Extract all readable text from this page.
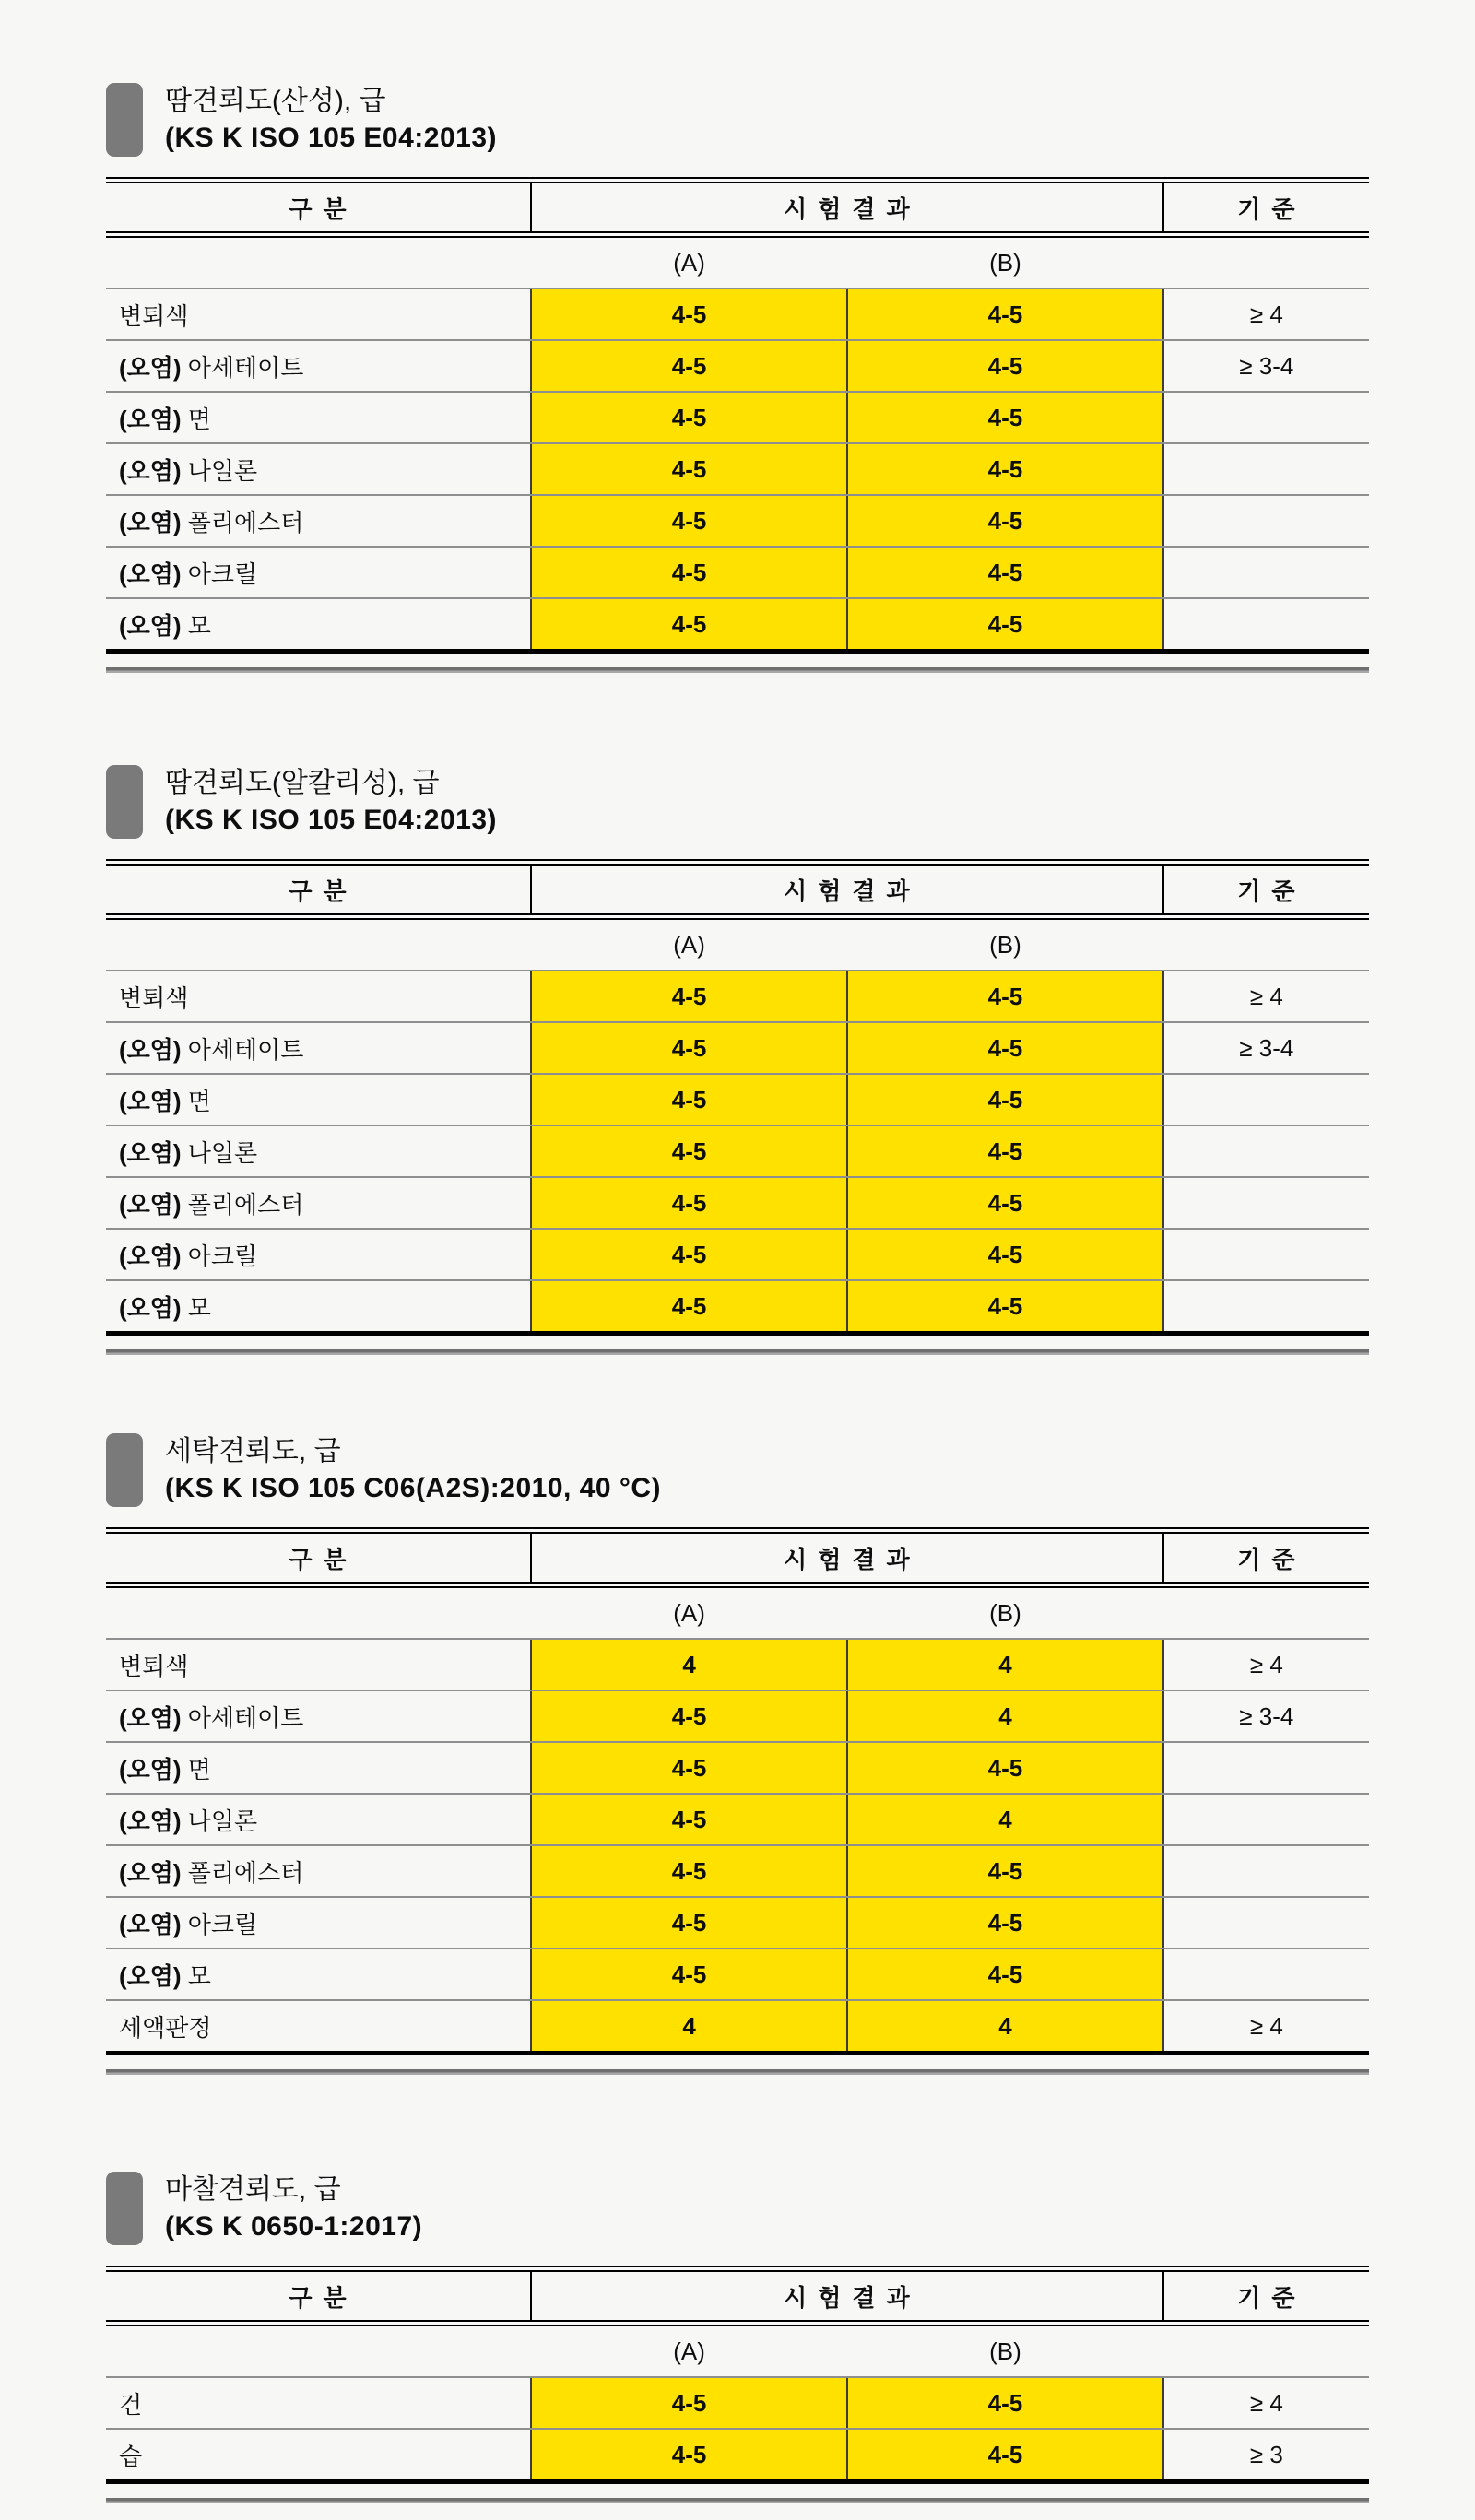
땀견뢰도(산성), 급
(KS K ISO 105 E04:2013)
구분	시험결과		기준
	(A)	(B)	
변퇴색	4-5	4-5	≥ 4
(오염) 아세테이트	4-5	4-5	≥ 3-4
(오염) 면	4-5	4-5	
(오염) 나일론	4-5	4-5	
(오염) 폴리에스터	4-5	4-5	
(오염) 아크릴	4-5	4-5	
(오염) 모	4-5	4-5	
땀견뢰도(알칼리성), 급
(KS K ISO 105 E04:2013)
구분	시험결과		기준
	(A)	(B)	
변퇴색	4-5	4-5	≥ 4
(오염) 아세테이트	4-5	4-5	≥ 3-4
(오염) 면	4-5	4-5	
(오염) 나일론	4-5	4-5	
(오염) 폴리에스터	4-5	4-5	
(오염) 아크릴	4-5	4-5	
(오염) 모	4-5	4-5	
세탁견뢰도, 급
(KS K ISO 105 C06(A2S):2010, 40 °C)
구분	시험결과		기준
	(A)	(B)	
변퇴색	4	4	≥ 4
(오염) 아세테이트	4-5	4	≥ 3-4
(오염) 면	4-5	4-5	
(오염) 나일론	4-5	4	
(오염) 폴리에스터	4-5	4-5	
(오염) 아크릴	4-5	4-5	
(오염) 모	4-5	4-5	
세액판정	4	4	≥ 4
마찰견뢰도, 급
(KS K 0650-1:2017)
구분	시험결과		기준
	(A)	(B)	
건	4-5	4-5	≥ 4
습	4-5	4-5	≥ 3
